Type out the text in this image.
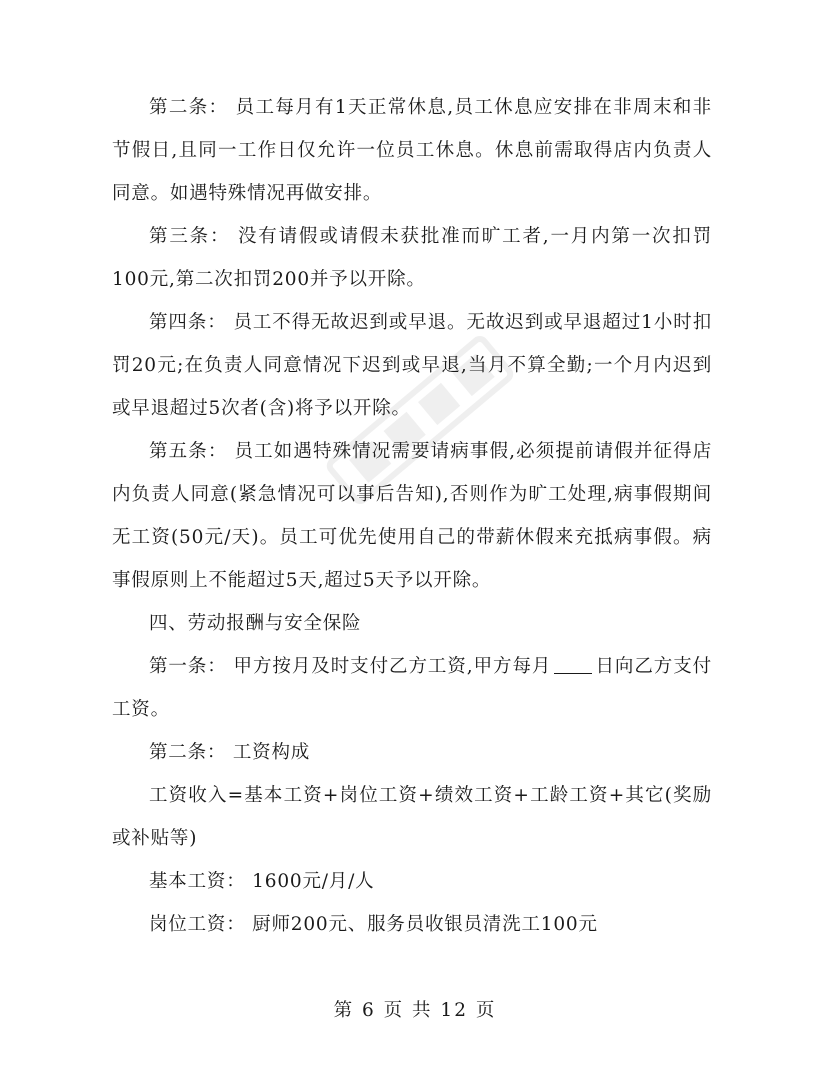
第二条： 员工每月有1天正常休息,员工休息应安排在非周末和非节假日,且同一工作日仅允许一位员工休息。休息前需取得店内负责人同意。如遇特殊情况再做安排。

第三条： 没有请假或请假未获批准而旷工者,一月内第一次扣罚100元,第二次扣罚200并予以开除。

第四条： 员工不得无故迟到或早退。无故迟到或早退超过1小时扣罚20元;在负责人同意情况下迟到或早退,当月不算全勤;一个月内迟到或早退超过5次者(含)将予以开除。

第五条： 员工如遇特殊情况需要请病事假,必须提前请假并征得店内负责人同意(紧急情况可以事后告知),否则作为旷工处理,病事假期间无工资(50元/天)。员工可优先使用自己的带薪休假来充抵病事假。病事假原则上不能超过5天,超过5天予以开除。

四、劳动报酬与安全保险

第一条： 甲方按月及时支付乙方工资,甲方每月 日向乙方支付工资。

第二条： 工资构成

工资收入=基本工资+岗位工资+绩效工资+工龄工资+其它(奖励或补贴等)

基本工资： 1600元/月/人

岗位工资： 厨师200元、服务员收银员清洗工100元

第 6 页 共 12 页
